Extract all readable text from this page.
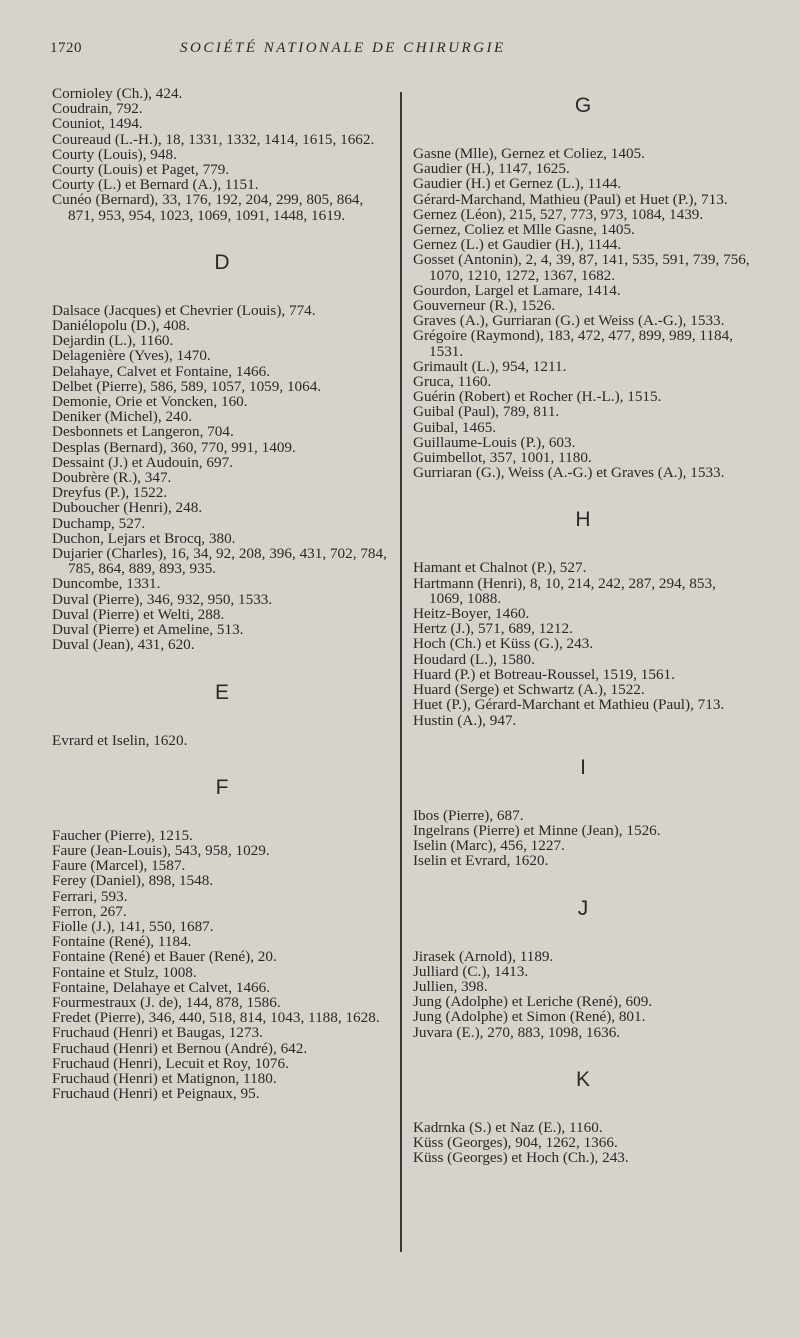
1720	SOCIÉTÉ NATIONALE DE CHIRURGIE

Cornioley (Ch.), 424.

Coudrain, 792.

Couniot, 1494.

Coureaud (L.-H.), 18, 1331, 1332, 1414, 1615, 1662.

Courty (Louis), 948.

Courty (Louis) et Paget, 779.

Courty (L.) et Bernard (A.), 1151.

Cunéo (Bernard), 33, 176, 192, 204, 299, 805, 864, 871, 953, 954, 1023, 1069, 1091, 1448, 1619.

D

Dalsace (Jacques) et Chevrier (Louis), 774.

Daniélopolu (D.), 408.

Dejardin (L.), 1160.

Delagenière (Yves), 1470.

Delahaye, Calvet et Fontaine, 1466.

Delbet (Pierre), 586, 589, 1057, 1059, 1064.

Demonie, Orie et Voncken, 160.

Deniker (Michel), 240.

Desbonnets et Langeron, 704.

Desplas (Bernard), 360, 770, 991, 1409.

Dessaint (J.) et Audouin, 697.

Doubrère (R.), 347.

Dreyfus (P.), 1522.

Duboucher (Henri), 248.

Duchamp, 527.

Duchon, Lejars et Brocq, 380.

Dujarier (Charles), 16, 34, 92, 208, 396, 431, 702, 784, 785, 864, 889, 893, 935.

Duncombe, 1331.

Duval (Pierre), 346, 932, 950, 1533.

Duval (Pierre) et Welti, 288.

Duval (Pierre) et Ameline, 513.

Duval (Jean), 431, 620.

E

Evrard et Iselin, 1620.

F

Faucher (Pierre), 1215.

Faure (Jean-Louis), 543, 958, 1029.

Faure (Marcel), 1587.

Ferey (Daniel), 898, 1548.

Ferrari, 593.

Ferron, 267.

Fiolle (J.), 141, 550, 1687.

Fontaine (René), 1184.

Fontaine (René) et Bauer (René), 20.

Fontaine et Stulz, 1008.

Fontaine, Delahaye et Calvet, 1466.

Fourmestraux (J. de), 144, 878, 1586.

Fredet (Pierre), 346, 440, 518, 814, 1043, 1188, 1628.

Fruchaud (Henri) et Baugas, 1273.

Fruchaud (Henri) et Bernou (André), 642.

Fruchaud (Henri), Lecuit et Roy, 1076.

Fruchaud (Henri) et Matignon, 1180.

Fruchaud (Henri) et Peignaux, 95.

G

Gasne (Mlle), Gernez et Coliez, 1405.

Gaudier (H.), 1147, 1625.

Gaudier (H.) et Gernez (L.), 1144.

Gérard-Marchand, Mathieu (Paul) et Huet (P.), 713.

Gernez (Léon), 215, 527, 773, 973, 1084, 1439.

Gernez, Coliez et Mlle Gasne, 1405.

Gernez (L.) et Gaudier (H.), 1144.

Gosset (Antonin), 2, 4, 39, 87, 141, 535, 591, 739, 756, 1070, 1210, 1272, 1367, 1682.

Gourdon, Largel et Lamare, 1414.

Gouverneur (R.), 1526.

Graves (A.), Gurriaran (G.) et Weiss (A.-G.), 1533.

Grégoire (Raymond), 183, 472, 477, 899, 989, 1184, 1531.

Grimault (L.), 954, 1211.

Gruca, 1160.

Guérin (Robert) et Rocher (H.-L.), 1515.

Guibal (Paul), 789, 811.

Guibal, 1465.

Guillaume-Louis (P.), 603.

Guimbellot, 357, 1001, 1180.

Gurriaran (G.), Weiss (A.-G.) et Graves (A.), 1533.

H

Hamant et Chalnot (P.), 527.

Hartmann (Henri), 8, 10, 214, 242, 287, 294, 853, 1069, 1088.

Heitz-Boyer, 1460.

Hertz (J.), 571, 689, 1212.

Hoch (Ch.) et Küss (G.), 243.

Houdard (L.), 1580.

Huard (P.) et Botreau-Roussel, 1519, 1561.

Huard (Serge) et Schwartz (A.), 1522.

Huet (P.), Gérard-Marchant et Mathieu (Paul), 713.

Hustin (A.), 947.

I

Ibos (Pierre), 687.

Ingelrans (Pierre) et Minne (Jean), 1526.

Iselin (Marc), 456, 1227.

Iselin et Evrard, 1620.

J

Jirasek (Arnold), 1189.

Julliard (C.), 1413.

Jullien, 398.

Jung (Adolphe) et Leriche (René), 609.

Jung (Adolphe) et Simon (René), 801.

Juvara (E.), 270, 883, 1098, 1636.

K

Kadrnka (S.) et Naz (E.), 1160.

Küss (Georges), 904, 1262, 1366.

Küss (Georges) et Hoch (Ch.), 243.
